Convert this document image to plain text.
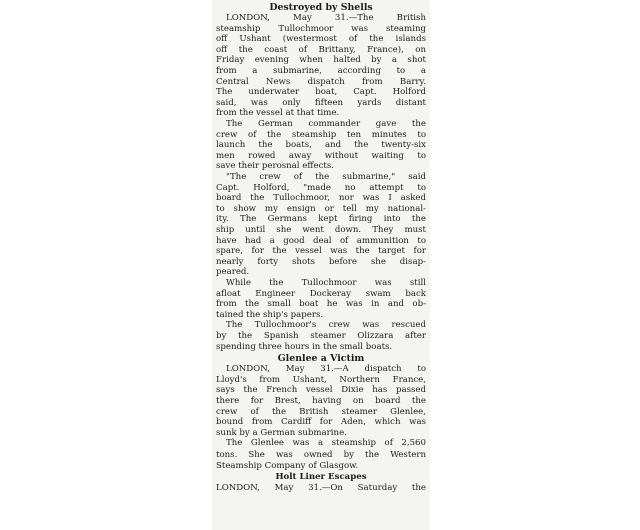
Destroyed by Shells
LONDON, May 31.—The British
steamship Tullochmoor was steaming
off Ushant (westermost of the islands
off the coast of Brittany, France), on
Friday evening when halted by a shot
from a submarine, according to a
Central News dispatch from Barry.
The underwater boat, Capt. Holford
said, was only fifteen yards distant
from the vessel at that time.
The German commander gave the
crew of the steamship ten minutes to
launch the boats, and the twenty-six
men rowed away without waiting to
save their perosnal effects.
"The crew of the submarine," said
Capt. Holford, "made no attempt to
board the Tullochmoor, nor was I asked
to show my ensign or tell my national-
ity. The Germans kept firing into the
ship until she went down. They must
have had a good deal of ammunition to
spare, for the vessel was the target for
nearly forty shots before she disap-
peared.
While the Tullochmoor was still
afloat Engineer Dockeray swam back
from the small boat he was in and ob-
tained the ship's papers.
The Tullochmoor's crew was rescued
by the Spanish steamer Olizzara after
spending three hours in the small boats.
Glenlee a Victim
LONDON, May 31.—A dispatch to
Lloyd's from Ushant, Northern France,
says the French vessel Dixie has passed
there for Brest, having on board the
crew of the British steamer Glenlee,
bound from Cardiff for Aden, which was
sunk by a German submarine.
The Glenlee was a steamship of 2,560
Holt Liner Escapes
tons. She was owned by the Western
Steamship Company of Glasgow.
LONDON, May 31.—On Saturday the
